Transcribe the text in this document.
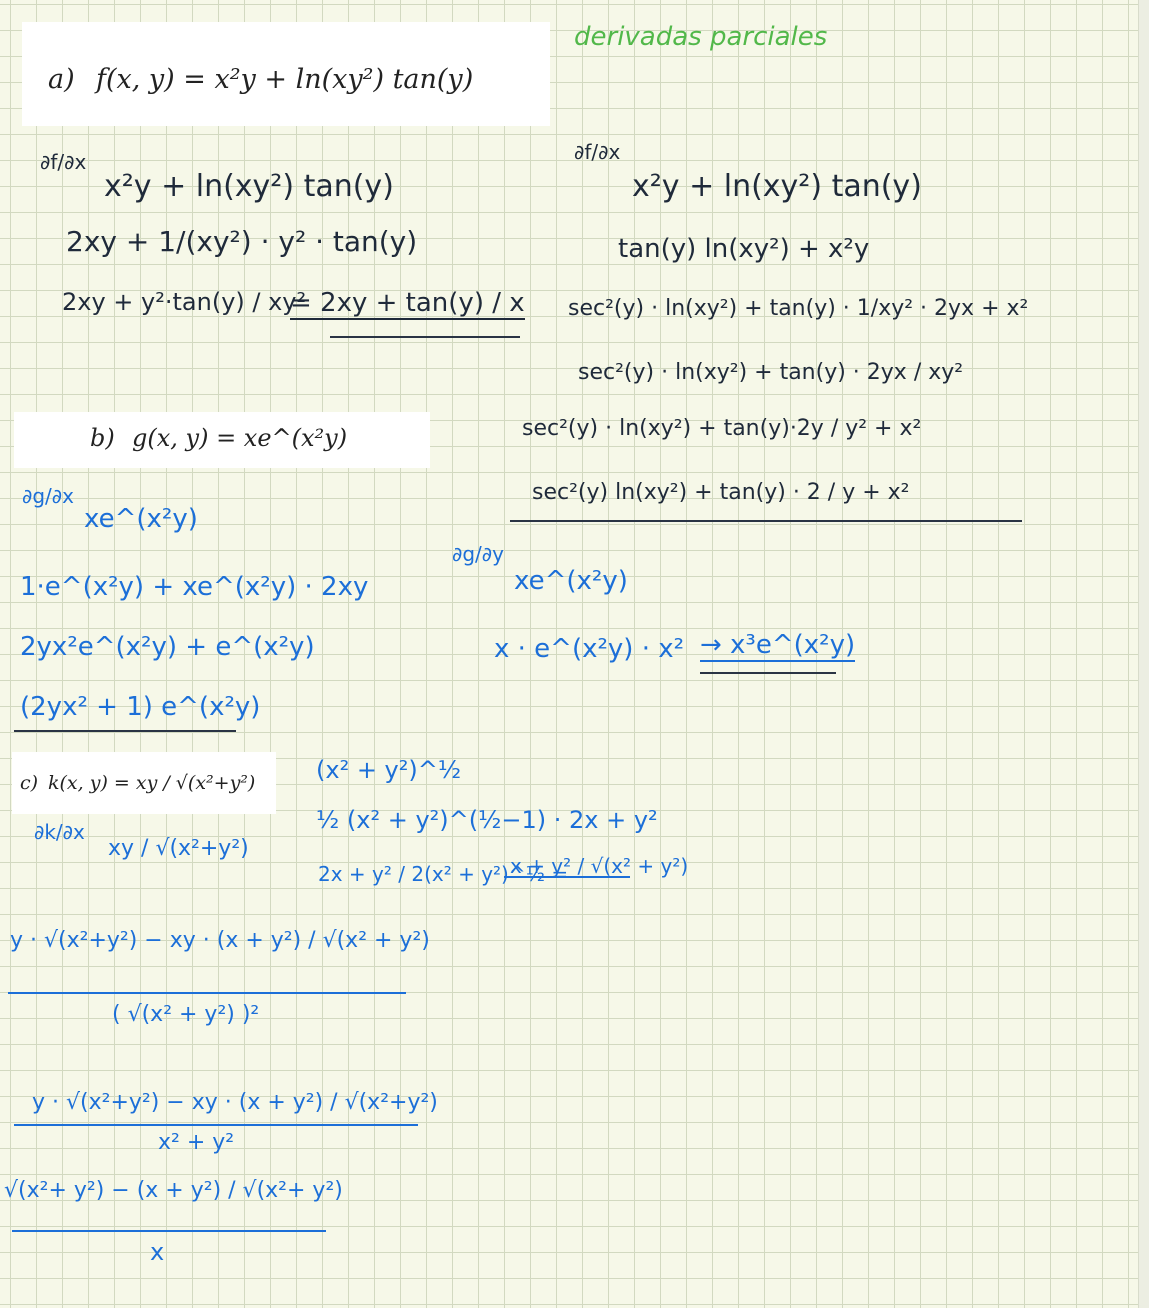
derivadas parciales
a) f(x, y) = x²y + ln(xy²) tan(y)
∂f/∂x
x²y + ln(xy²) tan(y)
2xy + 1/(xy²) · y² · tan(y)
2xy + y²·tan(y) / xy²
= 2xy + tan(y) / x
∂f/∂x
x²y + ln(xy²) tan(y)
tan(y) ln(xy²) + x²y
sec²(y) · ln(xy²) + tan(y) · 1/xy² · 2yx + x²
sec²(y) · ln(xy²) + tan(y) · 2yx / xy²
sec²(y) · ln(xy²) + tan(y)·2y / y² + x²
sec²(y) ln(xy²) + tan(y) · 2 / y + x²
b) g(x, y) = xe^(x²y)
∂g/∂x
xe^(x²y)
1·e^(x²y) + xe^(x²y) · 2xy
2yx²e^(x²y) + e^(x²y)
(2yx² + 1) e^(x²y)
∂g/∂y
xe^(x²y)
x · e^(x²y) · x² → x³e^(x²y)
c) k(x, y) = xy / √(x²+y²)	(x² + y²)^½
½ (x² + y²)^(½−1) · 2x + y²
2x + y² / 2(x² + y²)^½ =
x + y² / √(x² + y²)
∂k/∂x
xy / √(x²+y²)
y · √(x²+y²) − xy · (x + y²) / √(x² + y²)
( √(x² + y²) )²
y · √(x²+y²) − xy · (x + y²) / √(x²+y²)
x² + y²
√(x²+ y²) − (x + y²) / √(x²+ y²)
x
